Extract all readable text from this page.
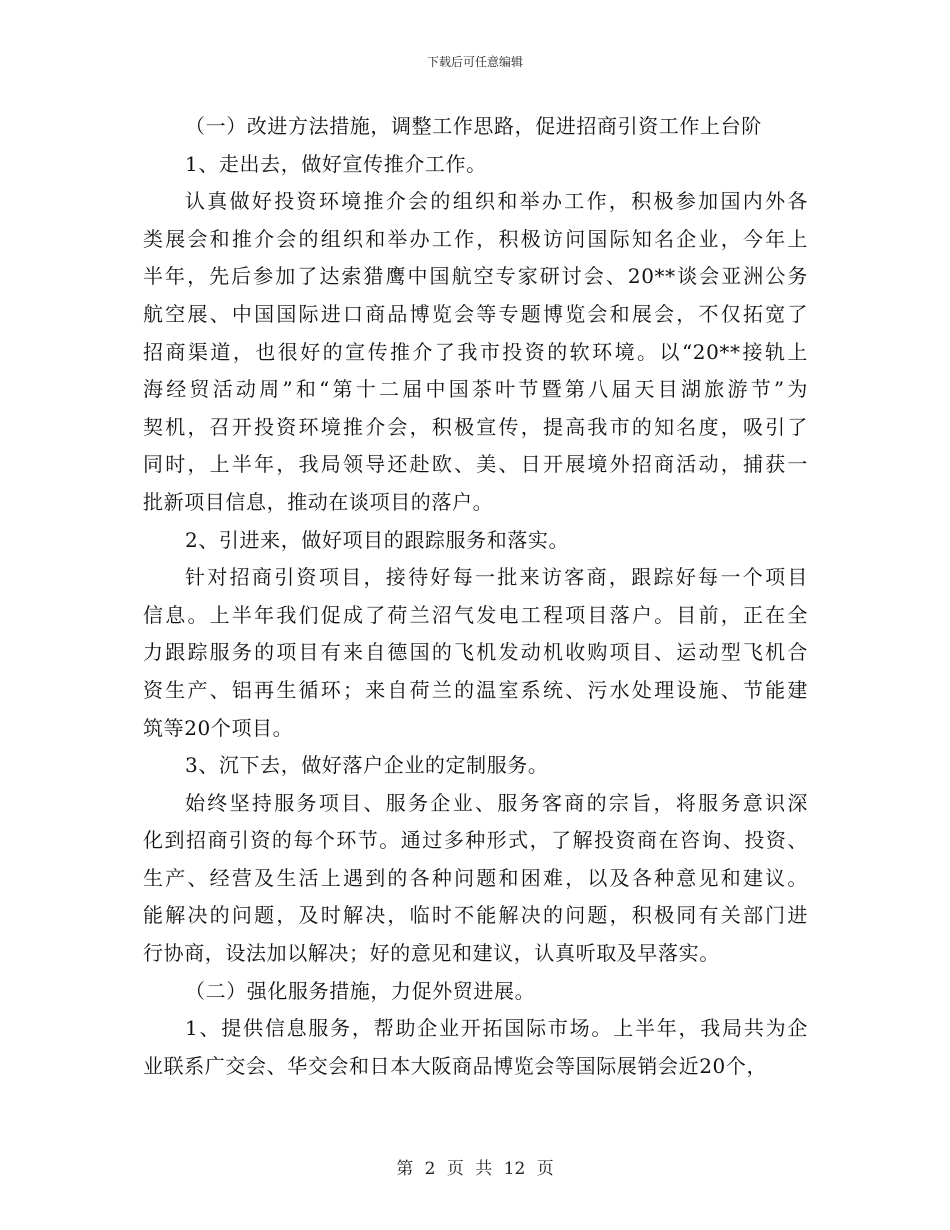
下载后可任意编辑
（一）改进方法措施，调整工作思路，促进招商引资工作上台阶
1、走出去，做好宣传推介工作。
认真做好投资环境推介会的组织和举办工作，积极参加国内外各
类展会和推介会的组织和举办工作，积极访问国际知名企业，今年上
半年，先后参加了达索猎鹰中国航空专家研讨会、20**谈会亚洲公务
航空展、中国国际进口商品博览会等专题博览会和展会，不仅拓宽了
招商渠道，也很好的宣传推介了我市投资的软环境。以“20**接轨上
海经贸活动周”和“第十二届中国茶叶节暨第八届天目湖旅游节”为
契机，召开投资环境推介会，积极宣传，提高我市的知名度，吸引了
同时，上半年，我局领导还赴欧、美、日开展境外招商活动，捕获一
批新项目信息，推动在谈项目的落户。
2、引进来，做好项目的跟踪服务和落实。
针对招商引资项目，接待好每一批来访客商，跟踪好每一个项目
信息。上半年我们促成了荷兰沼气发电工程项目落户。目前，正在全
力跟踪服务的项目有来自德国的飞机发动机收购项目、运动型飞机合
资生产、铝再生循环；来自荷兰的温室系统、污水处理设施、节能建
筑等20个项目。
3、沉下去，做好落户企业的定制服务。
始终坚持服务项目、服务企业、服务客商的宗旨，将服务意识深
化到招商引资的每个环节。通过多种形式，了解投资商在咨询、投资、
生产、经营及生活上遇到的各种问题和困难，以及各种意见和建议。
能解决的问题，及时解决，临时不能解决的问题，积极同有关部门进
行协商，设法加以解决；好的意见和建议，认真听取及早落实。
（二）强化服务措施，力促外贸进展。
1、提供信息服务，帮助企业开拓国际市场。上半年，我局共为企
业联系广交会、华交会和日本大阪商品博览会等国际展销会近20个，
第 2 页 共 12 页
